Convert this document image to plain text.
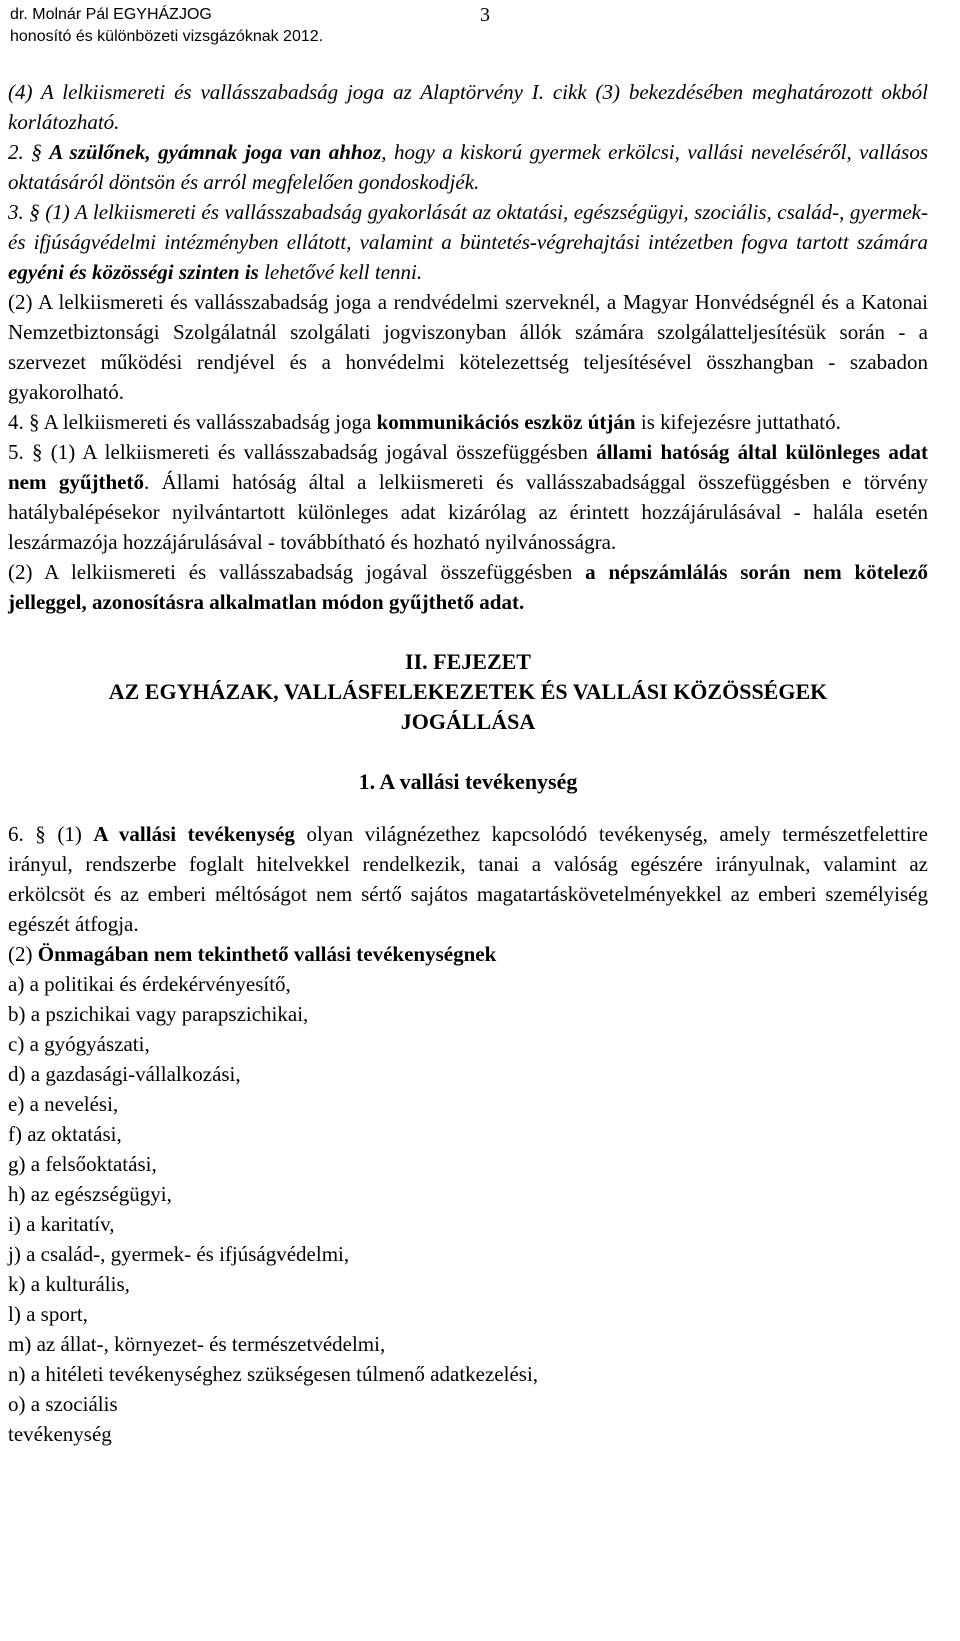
dr. Molnár Pál EGYHÁZJOG
honosító és különbözeti vizsgázóknak 2012.
3

(4) A lelkiismereti és vallásszabadság joga az Alaptörvény I. cikk (3) bekezdésében meghatározott okból korlátozható.

2. § A szülőnek, gyámnak joga van ahhoz, hogy a kiskorú gyermek erkölcsi, vallási neveléséről, vallásos oktatásáról döntsön és arról megfelelően gondoskodjék.

3. § (1) A lelkiismereti és vallásszabadság gyakorlását az oktatási, egészségügyi, szociális, család-, gyermek- és ifjúságvédelmi intézményben ellátott, valamint a büntetés-végrehajtási intézetben fogva tartott számára egyéni és közösségi szinten is lehetővé kell tenni.

(2) A lelkiismereti és vallásszabadság joga a rendvédelmi szerveknél, a Magyar Honvédségnél és a Katonai Nemzetbiztonsági Szolgálatnál szolgálati jogviszonyban állók számára szolgálatteljesítésük során - a szervezet működési rendjével és a honvédelmi kötelezettség teljesítésével összhangban - szabadon gyakorolható.

4. § A lelkiismereti és vallásszabadság joga kommunikációs eszköz útján is kifejezésre juttatható.

5. § (1) A lelkiismereti és vallásszabadság jogával összefüggésben állami hatóság által különleges adat nem gyűjthető. Állami hatóság által a lelkiismereti és vallásszabadsággal összefüggésben e törvény hatálybalépésekor nyilvántartott különleges adat kizárólag az érintett hozzájárulásával - halála esetén leszármazója hozzájárulásával - továbbítható és hozható nyilvánosságra.

(2) A lelkiismereti és vallásszabadság jogával összefüggésben a népszámlálás során nem kötelező jelleggel, azonosításra alkalmatlan módon gyűjthető adat.

II. FEJEZET

AZ EGYHÁZAK, VALLÁSFELEKEZETEK ÉS VALLÁSI KÖZÖSSÉGEK

JOGÁLLÁSA

1. A vallási tevékenység

6. § (1) A vallási tevékenység olyan világnézethez kapcsolódó tevékenység, amely természetfelettire irányul, rendszerbe foglalt hitelvekkel rendelkezik, tanai a valóság egészére irányulnak, valamint az erkölcsöt és az emberi méltóságot nem sértő sajátos magatartáskövetelményekkel az emberi személyiség egészét átfogja.

(2) Önmagában nem tekinthető vallási tevékenységnek

a) a politikai és érdekérvényesítő,

b) a pszichikai vagy parapszichikai,

c) a gyógyászati,

d) a gazdasági-vállalkozási,

e) a nevelési,

f) az oktatási,

g) a felsőoktatási,

h) az egészségügyi,

i) a karitatív,

j) a család-, gyermek- és ifjúságvédelmi,

k) a kulturális,

l) a sport,

m) az állat-, környezet- és természetvédelmi,

n) a hitéleti tevékenységhez szükségesen túlmenő adatkezelési,

o) a szociális

tevékenység
